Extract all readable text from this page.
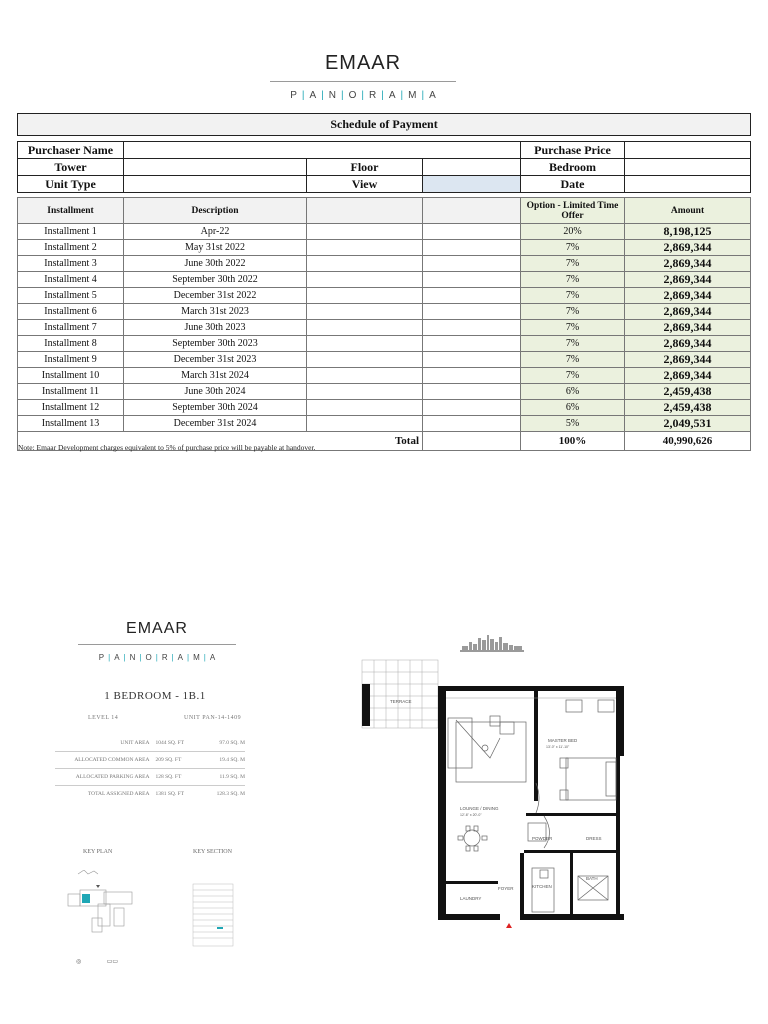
EMAAR
P | A | N | O | R | A | M | A
Schedule of Payment					

Purchaser Name				Purchase Price	
Tower		Floor		Bedroom	
Unit Type		View		Date	
Installment	Description			Option - Limited Time Offer	Amount
Installment 1	Apr-22			20%	8,198,125
Installment 2	May 31st 2022			7%	2,869,344
Installment 3	June 30th 2022			7%	2,869,344
Installment 4	September 30th 2022			7%	2,869,344
Installment 5	December 31st 2022			7%	2,869,344
Installment 6	March 31st 2023			7%	2,869,344
Installment 7	June 30th 2023			7%	2,869,344
Installment 8	September 30th 2023			7%	2,869,344
Installment 9	December 31st 2023			7%	2,869,344
Installment 10	March 31st 2024			7%	2,869,344
Installment 11	June 30th 2024			6%	2,459,438
Installment 12	September 30th 2024			6%	2,459,438
Installment 13	December 31st 2024			5%	2,049,531
Total				100%	40,990,626
Note: Emaar Development charges equivalent to 5% of purchase price will be payable at handover.
EMAAR
P | A | N | O | R | A | M | A
1 BEDROOM - 1B.1
LEVEL 14	UNIT PAN-14-1409
UNIT AREA	1044 SQ. FT	97.0 SQ. M
ALLOCATED COMMON AREA	209 SQ. FT	19.4 SQ. M
ALLOCATED PARKING AREA	128 SQ. FT	11.9 SQ. M
TOTAL ASSIGNED AREA	1381 SQ. FT	128.3 SQ. M
KEY PLAN	KEY SECTION
◎	▭▭
TERRACE
MASTER BED
13'-0" x 11'-10"
LOUNGE / DINING
12'-6" x 20'-0"
POWDER	DRESS
KITCHEN
BATH
FOYER
LAUNDRY
